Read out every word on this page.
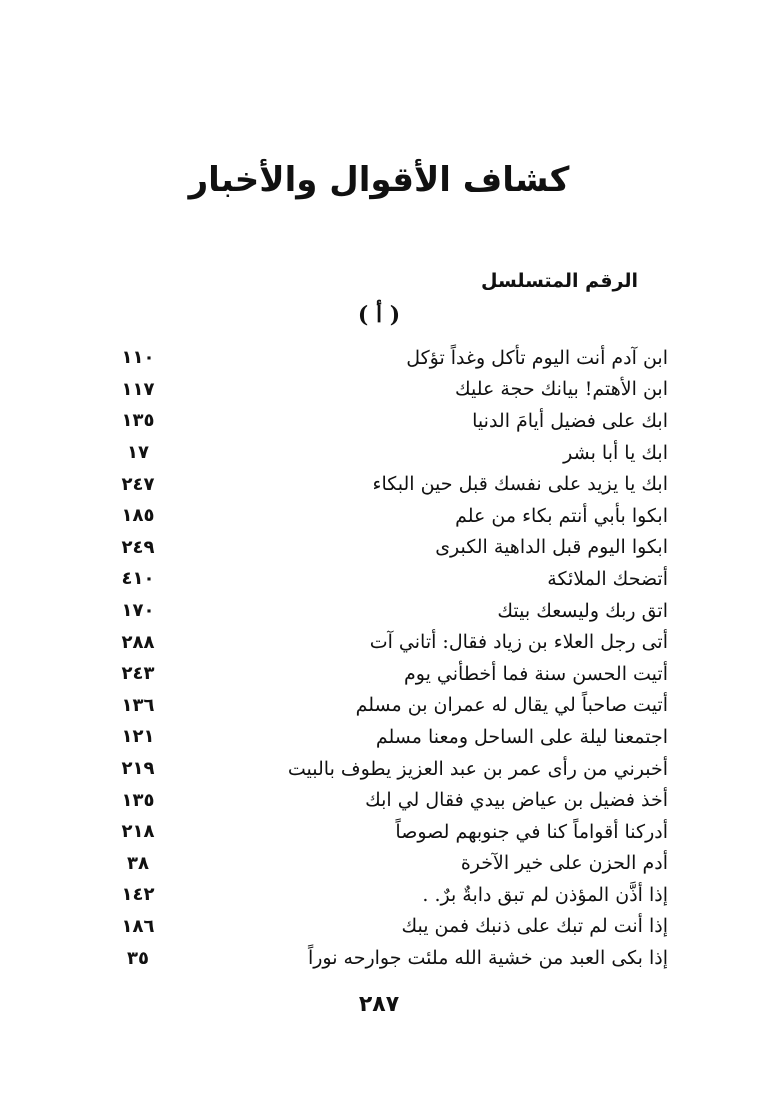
كشاف الأقوال والأخبار
الرقم المتسلسل
( أ )
ابن آدم أنت اليوم تأكل وغداً تؤكل
١١٠
ابن الأهتم! بيانك حجة عليك
١١٧
ابك على فضيل أيامَ الدنيا
١٣٥
ابك يا أبا بشر
١٧
ابك يا يزيد على نفسك قبل حين البكاء
٢٤٧
ابكوا بأبي أنتم بكاء من علم
١٨٥
ابكوا اليوم قبل الداهية الكبرى
٢٤٩
أتضحك الملائكة
٤١٠
اتق ربك وليسعك بيتك
١٧٠
أتى رجل العلاء بن زياد فقال: أتاني آت
٢٨٨
أتيت الحسن سنة فما أخطأني يوم
٢٤٣
أتيت صاحباً لي يقال له عمران بن مسلم
١٣٦
اجتمعنا ليلة على الساحل ومعنا مسلم
١٢١
أخبرني من رأى عمر بن عبد العزيز يطوف بالبيت
٢١٩
أخذ فضيل بن عياض بيدي فقال لي ابك
١٣٥
أدركنا أقواماً كنا في جنوبهم لصوصاً
٢١٨
أدم الحزن على خير الآخرة
٣٨
إذا أذَّن المؤذن لم تبق دابةٌ برٌ. .
١٤٢
إذا أنت لم تبك على ذنبك فمن يبك
١٨٦
إذا بكى العبد من خشية الله ملئت جوارحه نوراً
٣٥
٢٨٧
